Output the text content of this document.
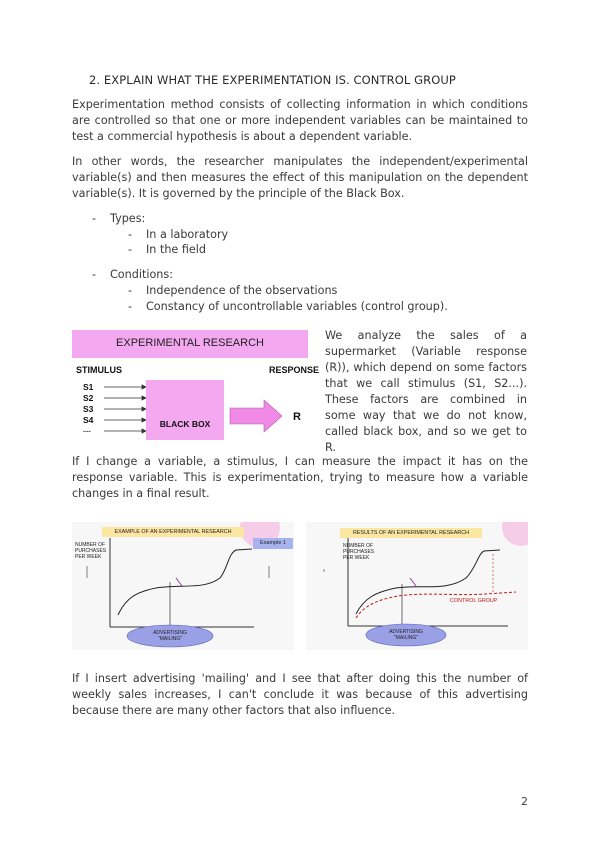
2. EXPLAIN WHAT THE EXPERIMENTATION IS. CONTROL GROUP

Experimentation method consists of collecting information in which conditions are controlled so that one or more independent variables can be maintained to test a commercial hypothesis is about a dependent variable.

In other words, the researcher manipulates the independent/experimental variable(s) and then measures the effect of this manipulation on the dependent variable(s). It is governed by the principle of the Black Box.

- Types:
- In a laboratory
- In the field
- Conditions:
- Independence of the observations
- Constancy of uncontrollable variables (control group).
EXPERIMENTAL RESEARCH
STIMULUS	RESPONSE
S1
S2
S3
S4
....
BLACK BOX
R

We analyze the sales of a supermarket (Variable response (R)), which depend on some factors that we call stimulus (S1, S2...). These factors are combined in some way that we do not know, called black box, and so we get to R.

If I change a variable, a stimulus, I can measure the impact it has on the response variable. This is experimentation, trying to measure how a variable changes in a final result.

EXAMPLE OF AN EXPERIMENTAL RESEARCH
Example 1
NUMBER OF
PURCHASES
PER WEEK
ADVERTISING
"MAILING"
RESULTS OF AN EXPERIMENTAL RESEARCH
NUMBER OF
PURCHASES
PER WEEK
ADVERTISING
"MAILING"
CONTROL GROUP

If I insert advertising 'mailing' and I see that after doing this the number of weekly sales increases, I can't conclude it was because of this advertising because there are many other factors that also influence.

2
